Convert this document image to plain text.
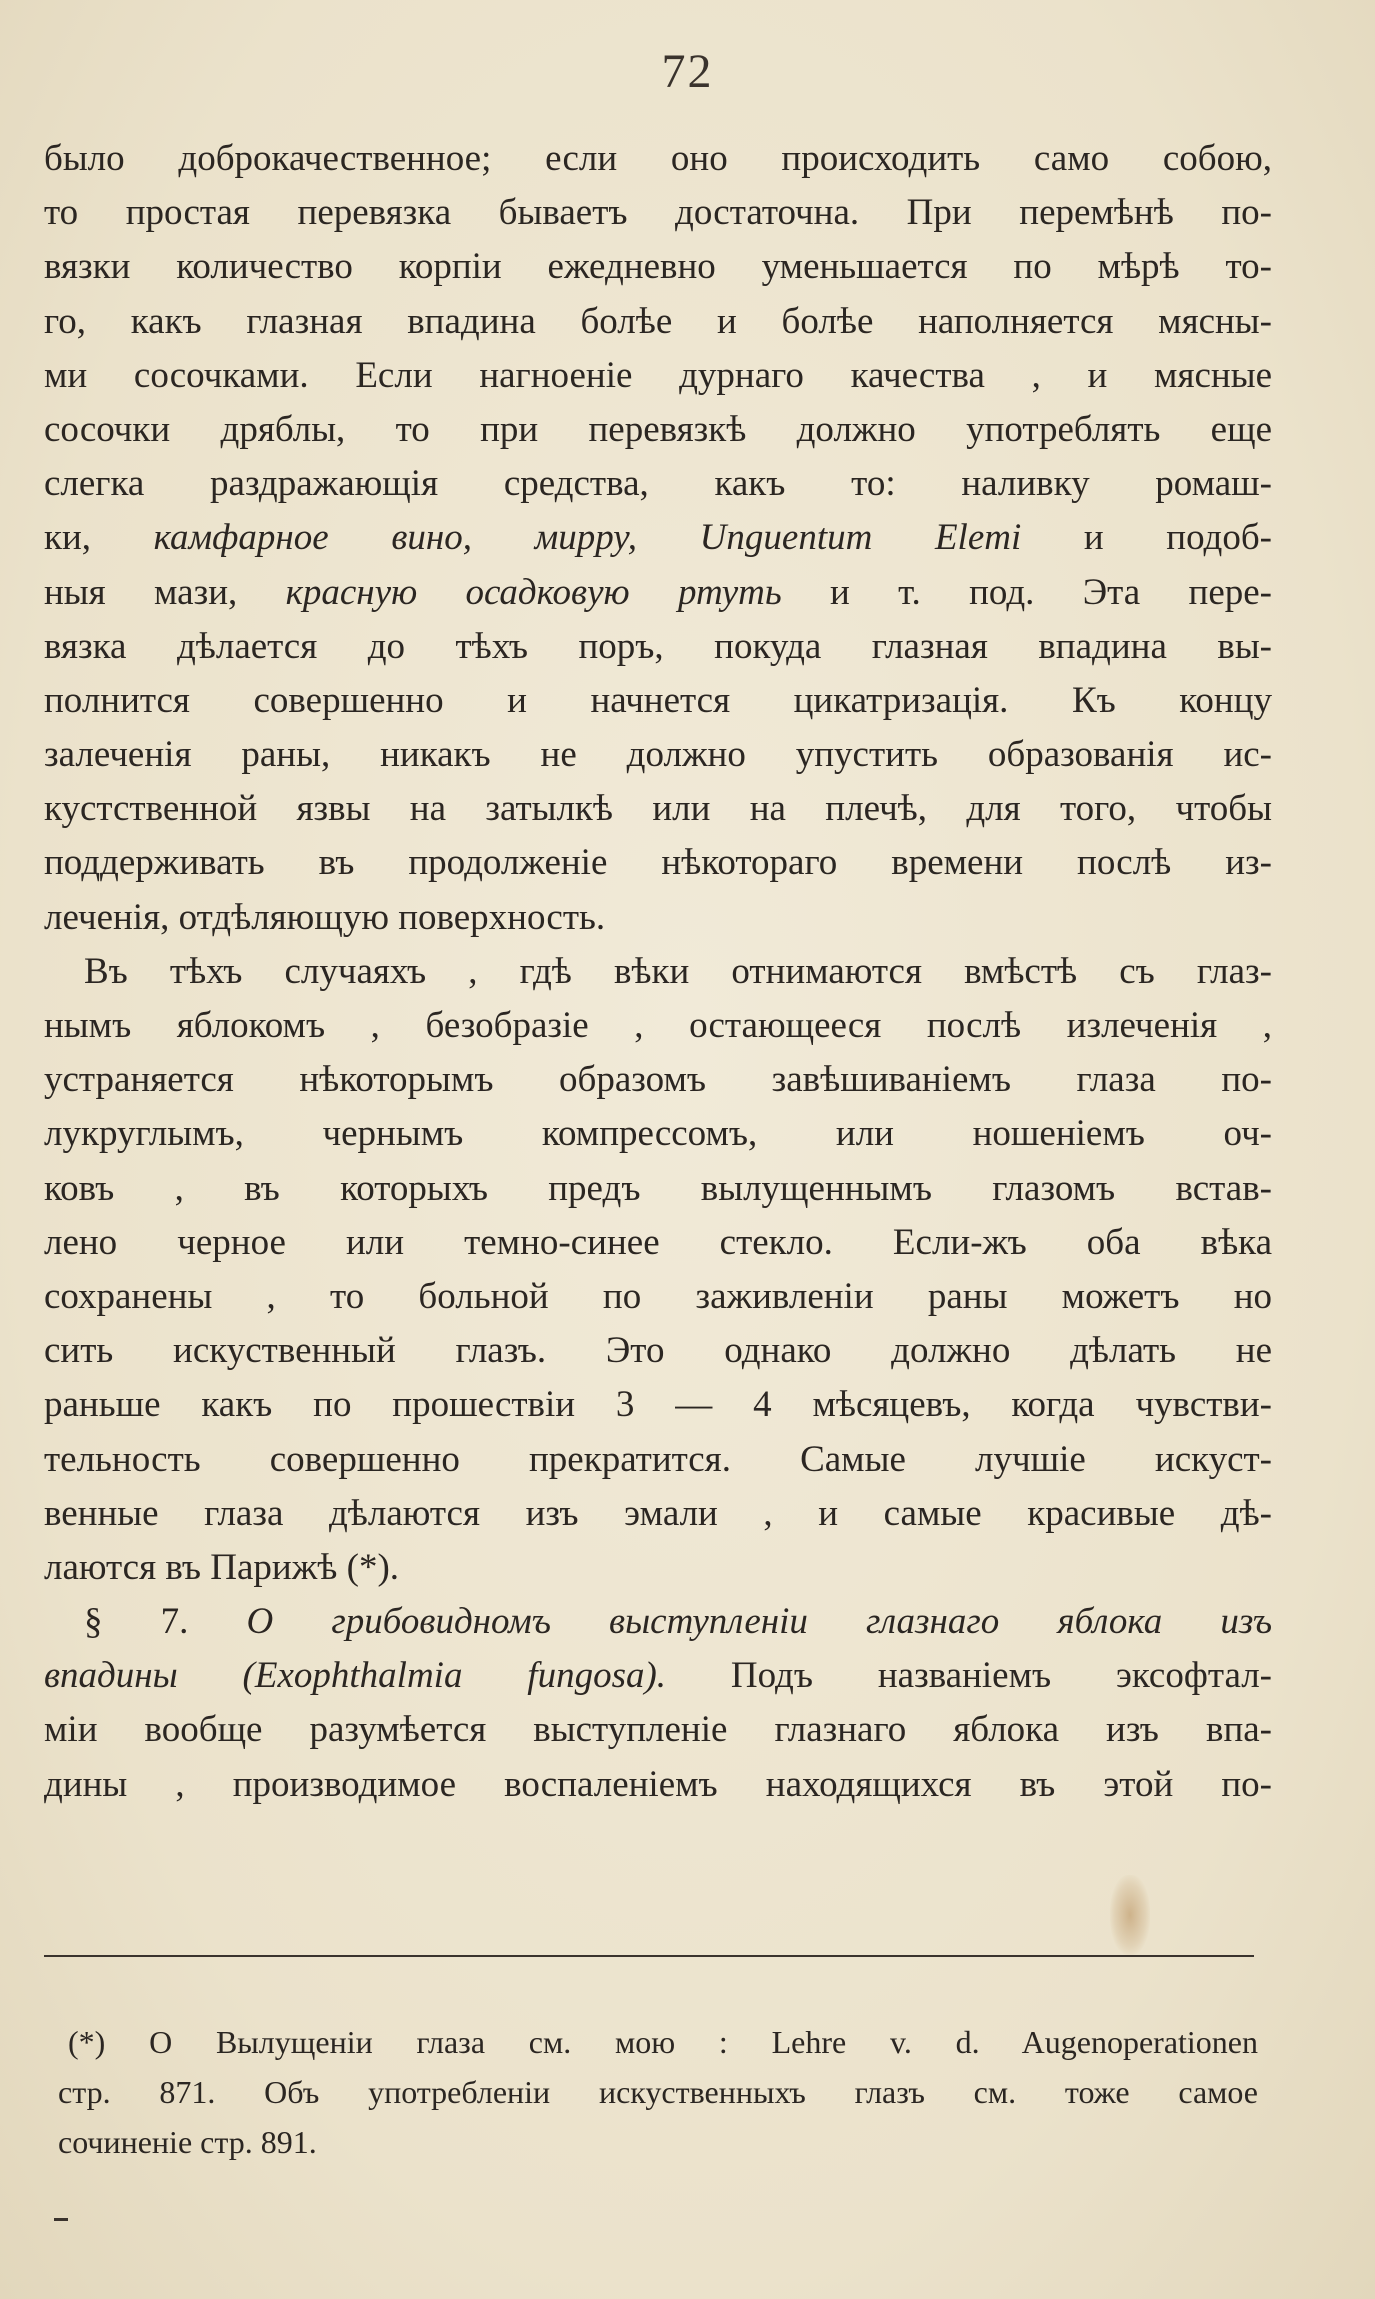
72
было доброкачественное; если оно происходить само собою,
то простая перевязка бываетъ достаточна. При перемѣнѣ по-
вязки количество корпіи ежедневно уменьшается по мѣрѣ то-
го, какъ глазная впадина болѣе и болѣе наполняется мясны-
ми сосочками. Если нагноеніе дурнаго качества , и мясные
сосочки дряблы, то при перевязкѣ должно употреблять еще
слегка раздражающія средства, какъ то: наливку ромаш-
ки, камфарное вино, мирру, Unguentum Elemi и подоб-
ныя мази, красную осадковую ртуть и т. под. Эта пере-
вязка дѣлается до тѣхъ поръ, покуда глазная впадина вы-
полнится совершенно и начнется цикатризація. Къ концу
залеченія раны, никакъ не должно упустить образованія ис-
кустственной язвы на затылкѣ или на плечѣ, для того, чтобы
поддерживать въ продолженіе нѣкотораго времени послѣ из-
леченія, отдѣляющую поверхность.
Въ тѣхъ случаяхъ , гдѣ вѣки отнимаются вмѣстѣ съ глаз-
нымъ яблокомъ , безобразіе , остающееся послѣ излеченія ,
устраняется нѣкоторымъ образомъ завѣшиваніемъ глаза по-
лукруглымъ, чернымъ компрессомъ, или ношеніемъ оч-
ковъ , въ которыхъ предъ вылущеннымъ глазомъ встав-
лено черное или темно-синее стекло. Если-жъ оба вѣка
сохранены , то больной по заживленіи раны можетъ но
сить искуственный глазъ. Это однако должно дѣлать не
раньше какъ по прошествіи 3 — 4 мѣсяцевъ, когда чувстви-
тельность совершенно прекратится. Самые лучшіе искуст-
венные глаза дѣлаются изъ эмали , и самые красивые дѣ-
лаются въ Парижѣ (*).
§ 7. О грибовидномъ выступленіи глазнаго яблока изъ
впадины (Exophthalmia fungosa). Подъ названіемъ эксофтал-
міи вообще разумѣется выступленіе глазнаго яблока изъ впа-
дины , производимое воспаленіемъ находящихся въ этой по-
(*) О Вылущеніи глаза см. мою : Lehre v. d. Augenoperationen
стр. 871. Объ употребленіи искуственныхъ глазъ см. тоже самое
сочиненіе стр. 891.
